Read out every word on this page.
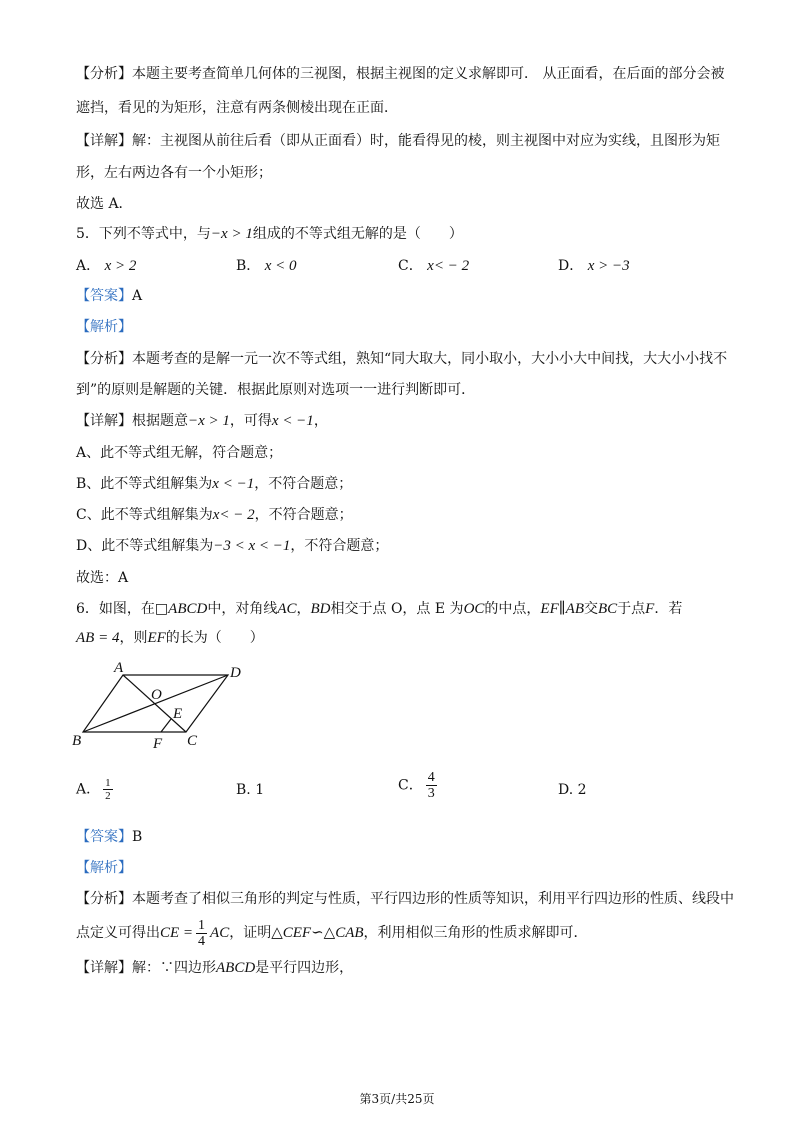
【分析】本题主要考查简单几何体的三视图，根据主视图的定义求解即可． 从正面看，在后面的部分会被
遮挡，看见的为矩形，注意有两条侧棱出现在正面．
【详解】解：主视图从前往后看（即从正面看）时，能看得见的棱，则主视图中对应为实线，且图形为矩
形，左右两边各有一个小矩形；
故选 A．
5．下列不等式中，与−x > 1组成的不等式组无解的是（　　）
A． x > 2	B． x < 0	C． x< − 2	D． x > −3
【答案】A
【解析】
【分析】本题考查的是解一元一次不等式组，熟知“同大取大，同小取小，大小小大中间找，大大小小找不
到”的原则是解题的关键．根据此原则对选项一一进行判断即可．
【详解】根据题意−x > 1，可得x < −1，
A、此不等式组无解，符合题意；
B、此不等式组解集为x < −1，不符合题意；
C、此不等式组解集为x< − 2，不符合题意；
D、此不等式组解集为−3 < x < −1，不符合题意；
故选：A
6．如图，在□ABCD中，对角线AC，BD相交于点 O，点 E 为OC的中点，EF∥AB交BC于点F．若
AB = 4，则EF的长为（　　）
A	D
O
E
B	F C
A． $\frac{1}{2}$	B. 1	C． $\frac{4}{3}$	D. 2
【答案】B
【解析】
【分析】本题考查了相似三角形的判定与性质，平行四边形的性质等知识，利用平行四边形的性质、线段中
点定义可得出CE = $\frac{1}{4}$ AC，证明△CEF∽△CAB，利用相似三角形的性质求解即可．
【详解】解：∵四边形ABCD是平行四边形，
第3页/共25页
